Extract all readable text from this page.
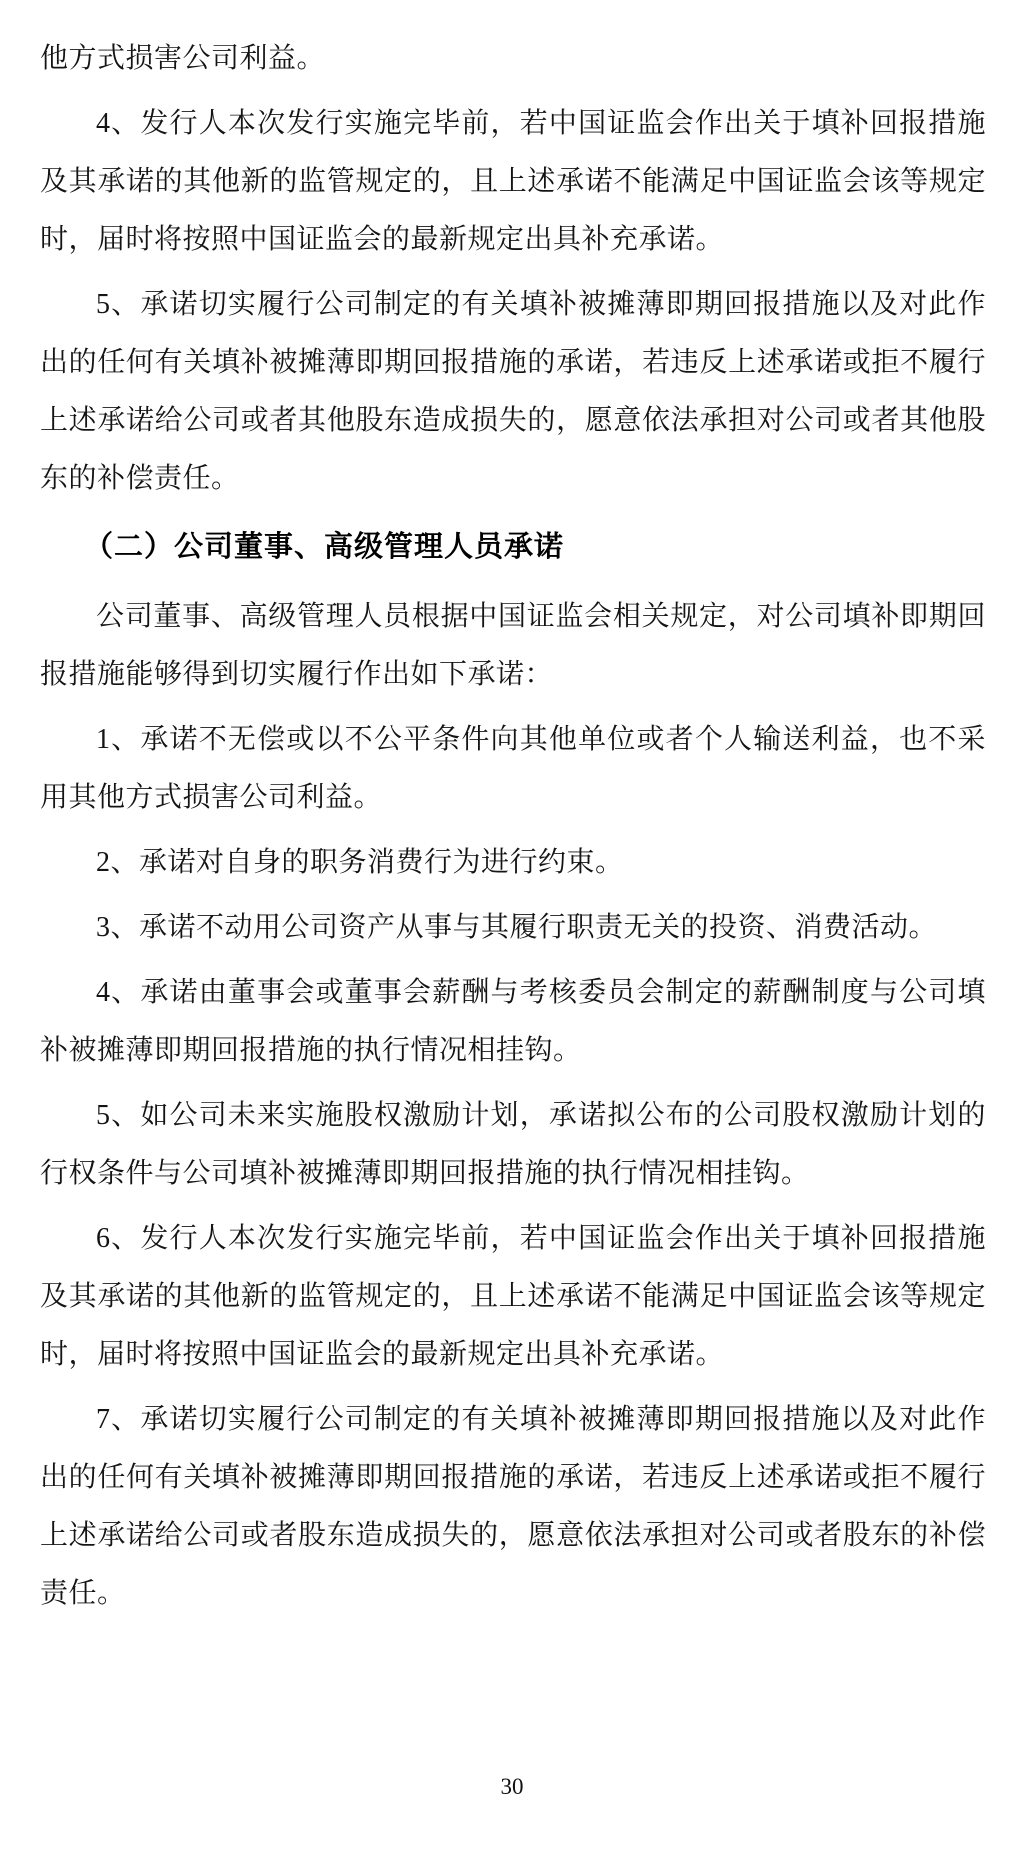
他方式损害公司利益。

4、发行人本次发行实施完毕前，若中国证监会作出关于填补回报措施及其承诺的其他新的监管规定的，且上述承诺不能满足中国证监会该等规定时，届时将按照中国证监会的最新规定出具补充承诺。

5、承诺切实履行公司制定的有关填补被摊薄即期回报措施以及对此作出的任何有关填补被摊薄即期回报措施的承诺，若违反上述承诺或拒不履行上述承诺给公司或者其他股东造成损失的，愿意依法承担对公司或者其他股东的补偿责任。

（二）公司董事、高级管理人员承诺

公司董事、高级管理人员根据中国证监会相关规定，对公司填补即期回报措施能够得到切实履行作出如下承诺：

1、承诺不无偿或以不公平条件向其他单位或者个人输送利益，也不采用其他方式损害公司利益。

2、承诺对自身的职务消费行为进行约束。

3、承诺不动用公司资产从事与其履行职责无关的投资、消费活动。

4、承诺由董事会或董事会薪酬与考核委员会制定的薪酬制度与公司填补被摊薄即期回报措施的执行情况相挂钩。

5、如公司未来实施股权激励计划，承诺拟公布的公司股权激励计划的行权条件与公司填补被摊薄即期回报措施的执行情况相挂钩。

6、发行人本次发行实施完毕前，若中国证监会作出关于填补回报措施及其承诺的其他新的监管规定的，且上述承诺不能满足中国证监会该等规定时，届时将按照中国证监会的最新规定出具补充承诺。

7、承诺切实履行公司制定的有关填补被摊薄即期回报措施以及对此作出的任何有关填补被摊薄即期回报措施的承诺，若违反上述承诺或拒不履行上述承诺给公司或者股东造成损失的，愿意依法承担对公司或者股东的补偿责任。

30
